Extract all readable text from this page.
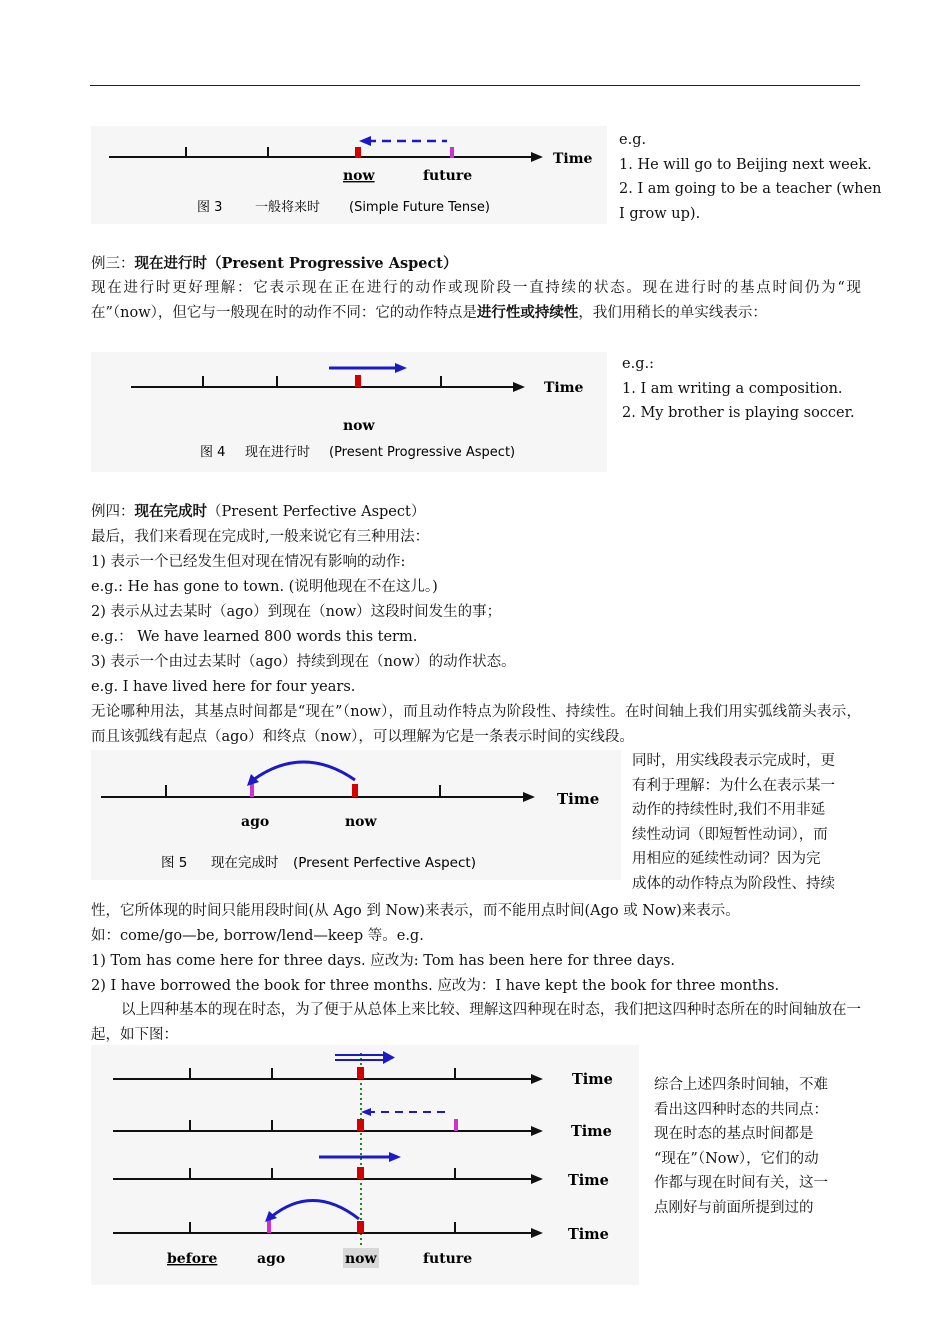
Time
now	future
图 3	一般将来时 (Simple Future Tense)
e.g.
1. He will go to Beijing next week.
2. I am going to be a teacher (when
I grow up).
例三：现在进行时（Present Progressive Aspect）
现在进行时更好理解：它表示现在正在进行的动作或现阶段一直持续的状态。现在进行时的基点时间仍为“现在”（now），但它与一般现在时的动作不同：它的动作特点是进行性或持续性，我们用稍长的单实线表示：
Time
now
图 4 现在进行时 (Present Progressive Aspect)
e.g.:
1. I am writing a composition.
2. My brother is playing soccer.
例四：现在完成时（Present Perfective Aspect）
最后，我们来看现在完成时,一般来说它有三种用法：
1) 表示一个已经发生但对现在情况有影响的动作:
e.g.: He has gone to town. (说明他现在不在这儿。)
2) 表示从过去某时（ago）到现在（now）这段时间发生的事；
e.g.： We have learned 800 words this term.
3) 表示一个由过去某时（ago）持续到现在（now）的动作状态。
e.g. I have lived here for four years.
无论哪种用法，其基点时间都是“现在”（now），而且动作特点为阶段性、持续性。在时间轴上我们用实弧线箭头表示，而且该弧线有起点（ago）和终点（now），可以理解为它是一条表示时间的实线段。
Time
ago	now
图 5 现在完成时 (Present Perfective Aspect)
同时，用实线段表示完成时，更
有利于理解：为什么在表示某一
动作的持续性时,我们不用非延
续性动词（即短暂性动词），而
用相应的延续性动词？因为完
成体的动作特点为阶段性、持续
性，它所体现的时间只能用段时间(从 Ago 到 Now)来表示，而不能用点时间(Ago 或 Now)来表示。
如：come/go—be, borrow/lend—keep 等。e.g.
1) Tom has come here for three days. 应改为: Tom has been here for three days.
2) I have borrowed the book for three months. 应改为：I have kept the book for three months.
以上四种基本的现在时态，为了便于从总体上来比较、理解这四种现在时态，我们把这四种时态所在的时间轴放在一起，如下图：
Time
Time
Time
Time
before	ago	now	future
综合上述四条时间轴，不难
看出这四种时态的共同点：
现在时态的基点时间都是
“现在”（Now），它们的动
作都与现在时间有关，这一
点刚好与前面所提到过的
